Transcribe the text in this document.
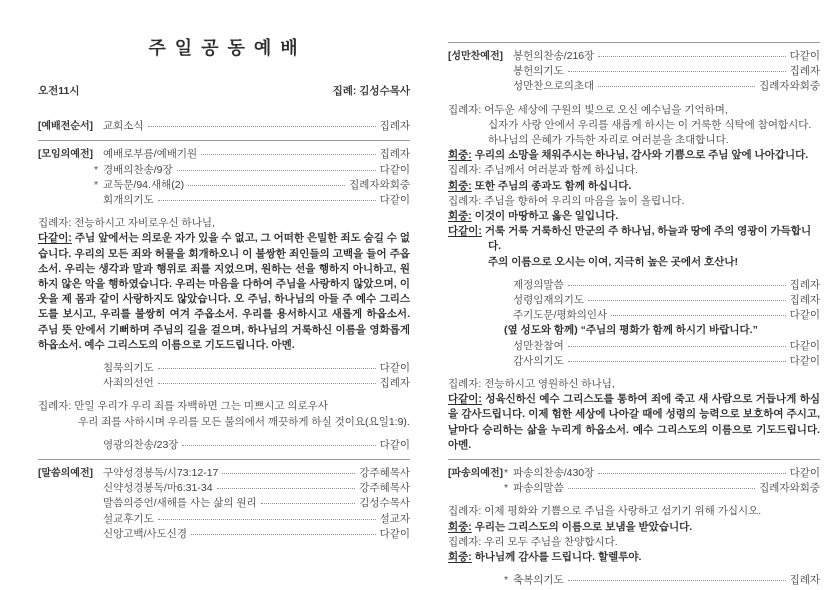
주 일 공 동 예 배
오전11시	집례: 김성수목사
[예배전순서] 교회소식	집례자
[모임의예전] 예배로부름/예배기원	집례자
* 경배의찬송/9장	다같이
* 교독문/94.새해(2)	집례자와회중
회개의기도	다같이

집례자: 전능하시고 자비로우신 하나님,

다같이: 주님 앞에서는 의로운 자가 있을 수 없고, 그 어떠한 은밀한 죄도 숨길 수 없습니다. 우리의 모든 죄와 허물을 회개하오니 이 불쌍한 죄인들의 고백을 들어 주옵소서. 우리는 생각과 말과 행위로 죄를 지었으며, 원하는 선을 행하지 아니하고, 원하지 않은 악을 행하였습니다. 우리는 마음을 다하여 주님을 사랑하지 않았으며, 이웃을 제 몸과 같이 사랑하지도 않았습니다. 오 주님, 하나님의 아들 주 예수 그리스도를 보시고, 우리를 불쌍히 여겨 주옵소서. 우리를 용서하시고 새롭게 하옵소서. 주님 뜻 안에서 기뻐하며 주님의 길을 걸으며, 하나님의 거룩하신 이름을 영화롭게 하옵소서. 예수 그리스도의 이름으로 기도드립니다. 아멘.

침묵의기도	다같이
사죄의선언	집례자

집례자: 만일 우리가 우리 죄를 자백하면 그는 미쁘시고 의로우사
우리 죄를 사하시며 우리를 모든 불의에서 깨끗하게 하실 것이요(요일1:9).

영광의찬송/23장	다같이
[말씀의예전] 구약성경봉독/시73:12-17	강주혜목사
신약성경봉독/마6:31-34	강주혜목사
말씀의증언/새해를 사는 삶의 원리	김성수목사
설교후기도	설교자
신앙고백/사도신경	다같이
[성만찬예전] 봉헌의찬송/216장	다같이
봉헌의기도	집례자
성만찬으로의초대	집례자와회중

집례자: 어두운 세상에 구원의 빛으로 오신 예수님을 기억하며,
십자가 사랑 안에서 우리를 새롭게 하시는 이 거룩한 식탁에 참여합시다.
하나님의 은혜가 가득한 자리로 여러분을 초대합니다.

회중: 우리의 소망을 채워주시는 하나님, 감사와 기쁨으로 주님 앞에 나아갑니다.

집례자: 주님께서 여러분과 함께 하십니다.

회중: 또한 주님의 종과도 함께 하십니다.

집례자: 주님을 향하여 우리의 마음을 높이 올립니다.

회중: 이것이 마땅하고 옳은 일입니다.

다같이: 거룩 거룩 거룩하신 만군의 주 하나님, 하늘과 땅에 주의 영광이 가득합니다.
주의 이름으로 오시는 이여, 지극히 높은 곳에서 호산나!

제정의말씀	집례자
성령임재의기도	집례자
주기도문/평화의인사	다같이
(옆 성도와 함께) “주님의 평화가 함께 하시기 바랍니다.”
성만찬참여	다같이
감사의기도	다같이

집례자: 전능하시고 영원하신 하나님,

다같이: 성육신하신 예수 그리스도를 통하여 죄에 죽고 새 사람으로 거듭나게 하심을 감사드립니다. 이제 험한 세상에 나아갈 때에 성령의 능력으로 보호하여 주시고, 날마다 승리하는 삶을 누리게 하옵소서. 예수 그리스도의 이름으로 기도드립니다. 아멘.

[파송의예전] * 파송의찬송/430장	다같이
* 파송의말씀	집례자와회중

집례자: 이제 평화와 기쁨으로 주님을 사랑하고 섬기기 위해 가십시오.

회중: 우리는 그리스도의 이름으로 보냄을 받았습니다.

집례자: 우리 모두 주님을 찬양합시다.

회중: 하나님께 감사를 드립니다. 할렐루야.

* 축복의기도	집례자
